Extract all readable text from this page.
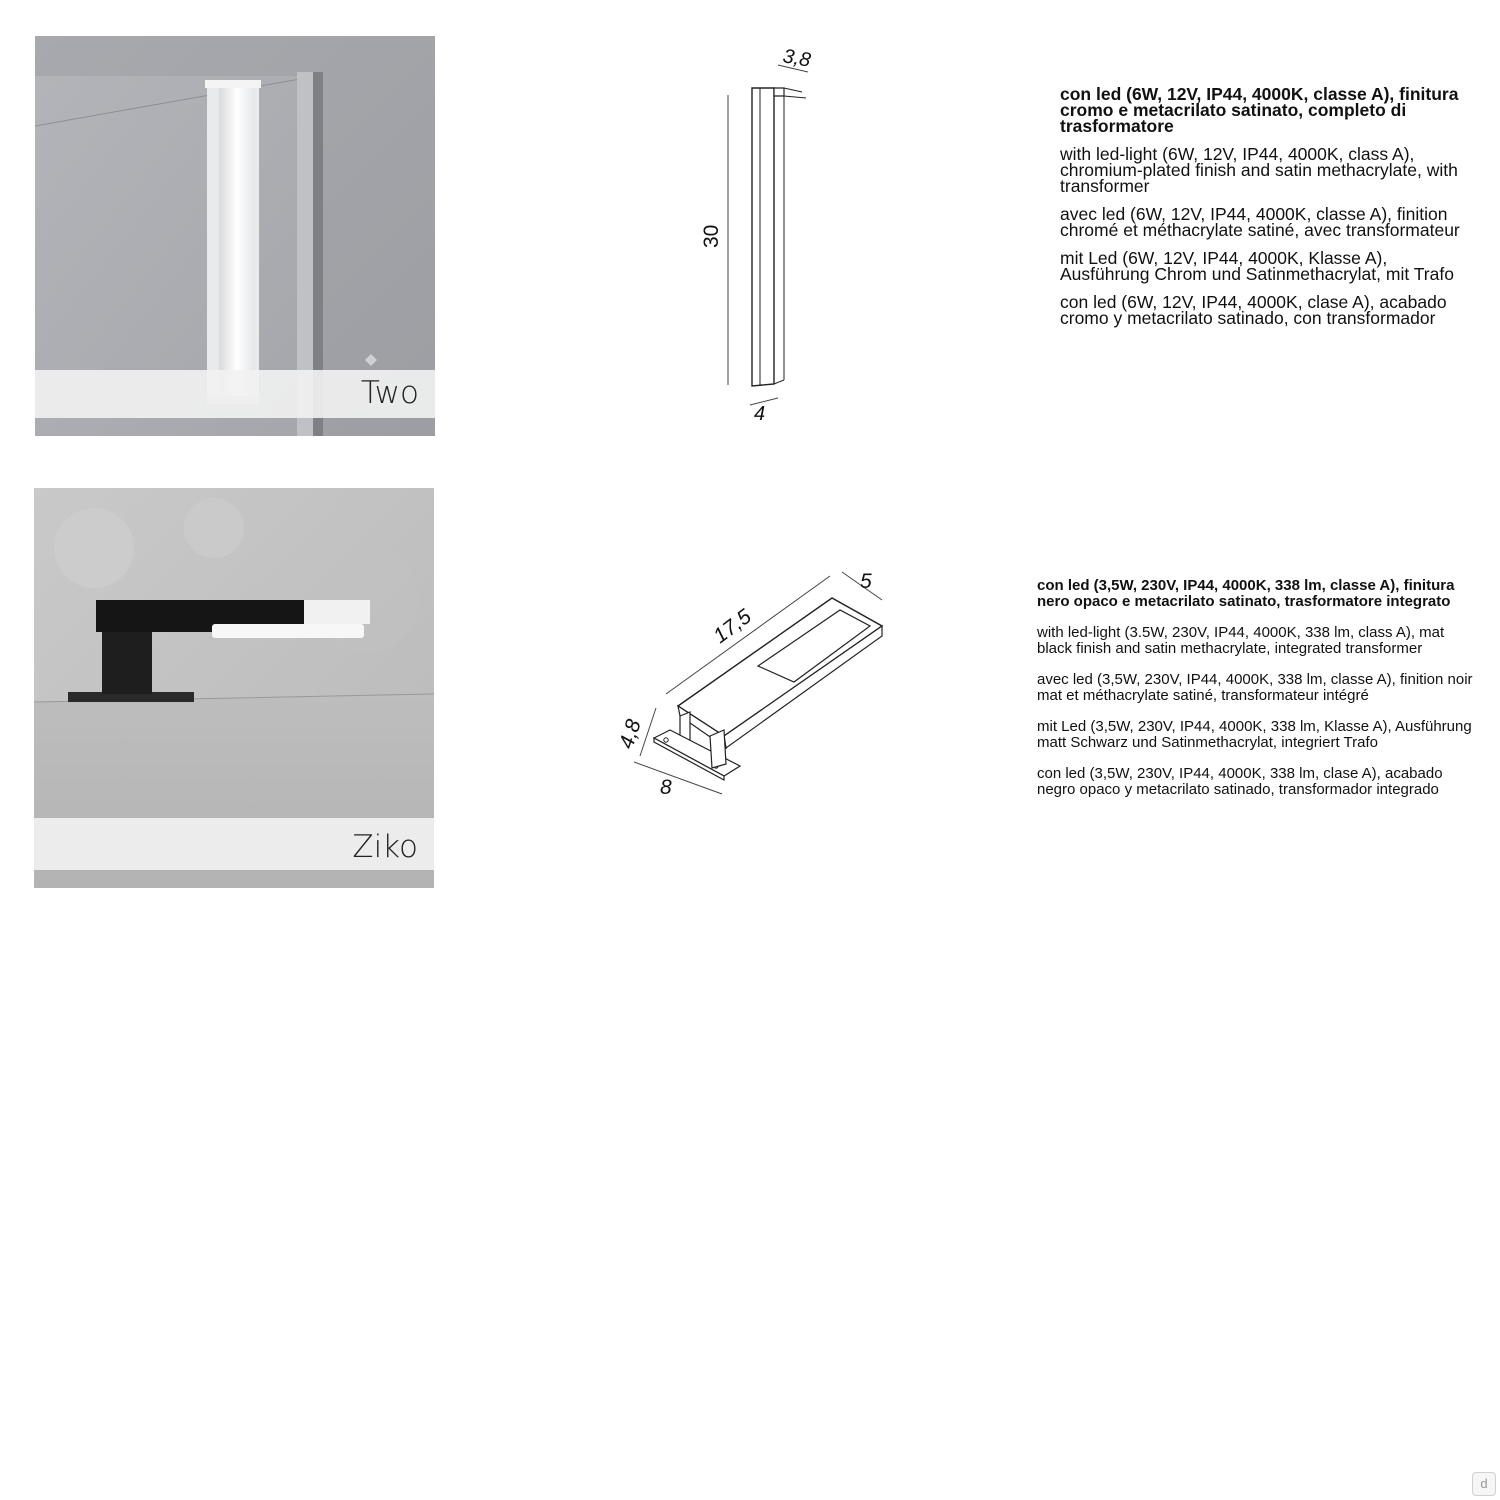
Two
3,8
30
4
con led (6W, 12V, IP44, 4000K, classe A), finitura cromo e metacrilato satinato, completo di trasformatore

with led-light (6W, 12V, IP44, 4000K, class A), chromium-plated finish and satin methacrylate, with transformer

avec led (6W, 12V, IP44, 4000K, classe A), finition chromé et méthacrylate satiné, avec transformateur

mit Led (6W, 12V, IP44, 4000K, Klasse A), Ausführung Chrom und Satinmethacrylat, mit Trafo

con led (6W, 12V, IP44, 4000K, clase A), acabado cromo y metacrilato satinado, con transformador

Ziko
17,5
5
4,8
8
con led (3,5W, 230V, IP44, 4000K, 338 lm, classe A), finitura nero opaco e metacrilato satinato, trasformatore integrato

with led-light (3.5W, 230V, IP44, 4000K, 338 lm, class A), mat black finish and satin methacrylate, integrated transformer

avec led (3,5W, 230V, IP44, 4000K, 338 lm, classe A), finition noir mat et méthacrylate satiné, transformateur intégré

mit Led (3,5W, 230V, IP44, 4000K, 338 lm, Klasse A), Ausführung matt Schwarz und Satinmethacrylat, integriert Trafo

con led (3,5W, 230V, IP44, 4000K, 338 lm, clase A), acabado negro opaco y metacrilato satinado, transformador integrado

d
